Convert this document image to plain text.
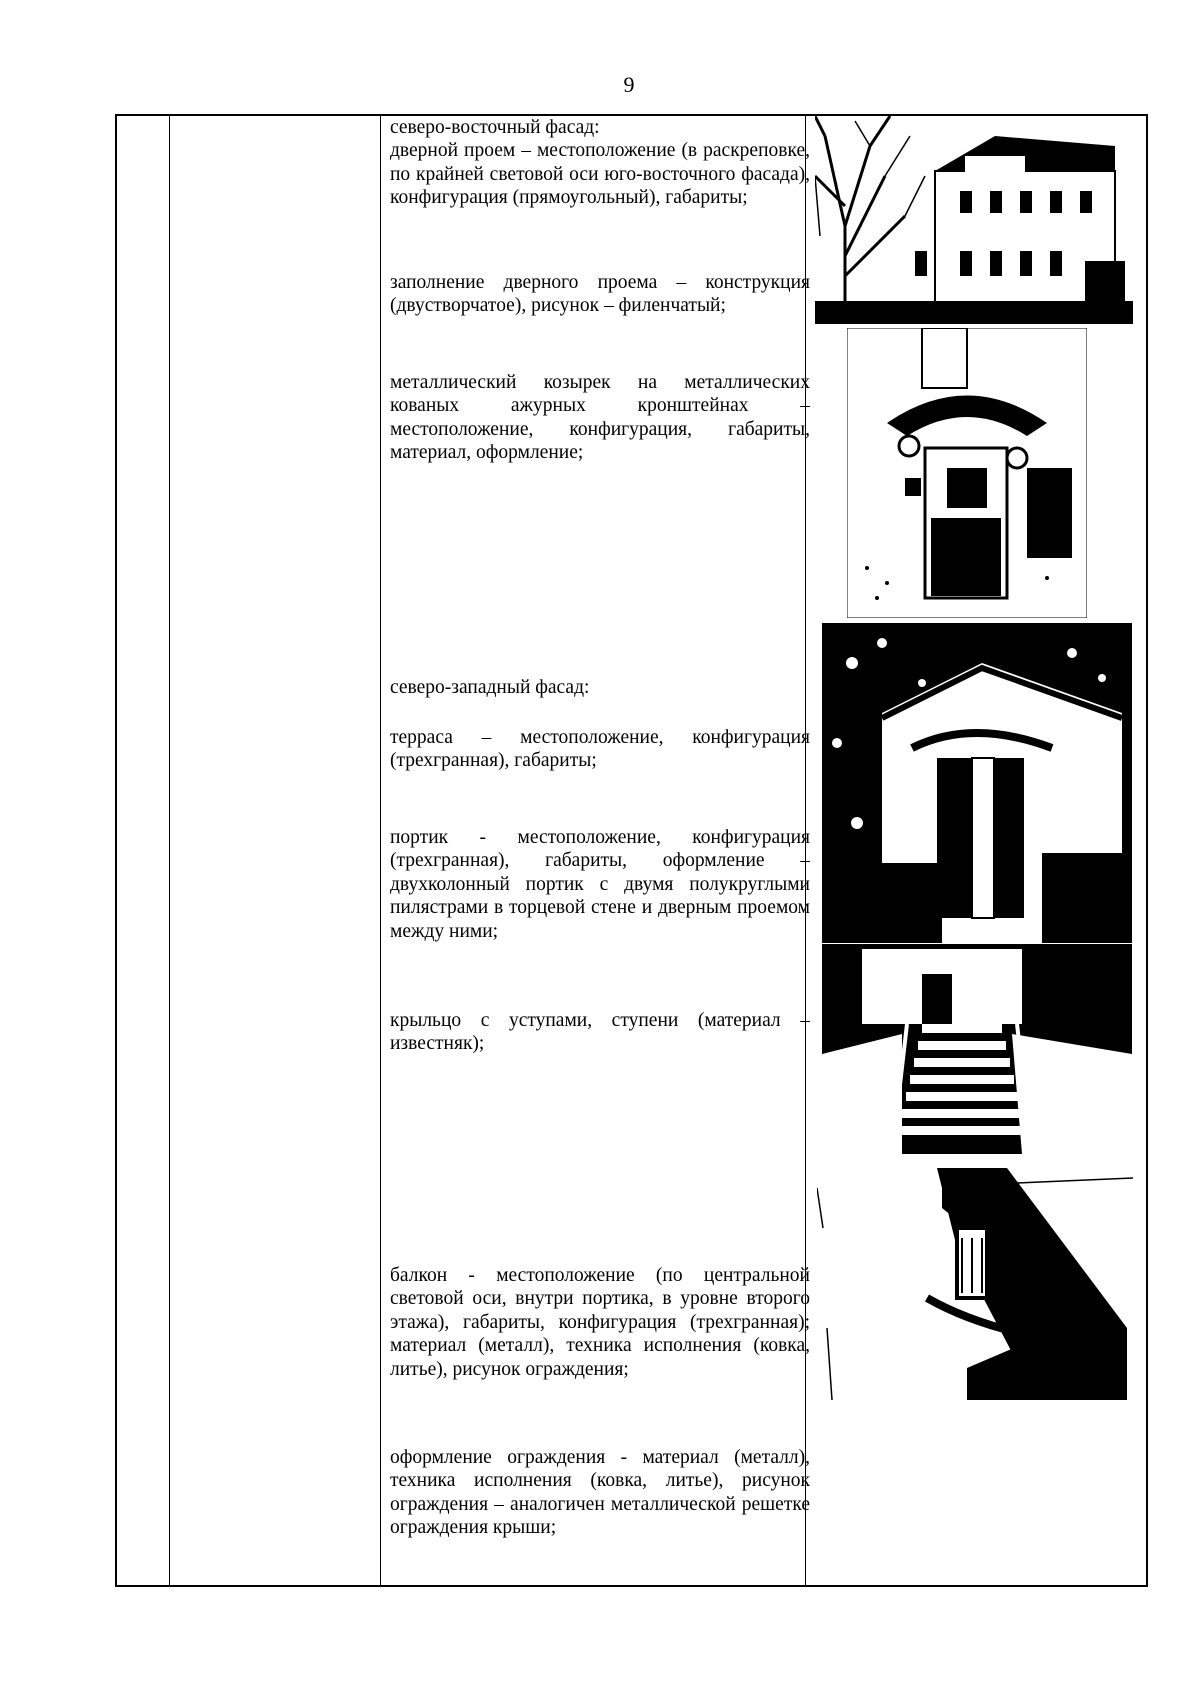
9

северо-восточный фасад:

дверной проем – местоположение (в раскреповке, по крайней световой оси юго-восточного фасада), конфигурация (прямоугольный), габариты;

заполнение дверного проема – конструкция (двустворчатое), рисунок – филенчатый;

металлический козырек на металлических кованых ажурных кронштейнах – местоположение, конфигурация, габариты, материал, оформление;

северо-западный фасад:

терраса – местоположение, конфигурация (трехгранная), габариты;

портик - местоположение, конфигурация (трехгранная), габариты, оформление – двухколонный портик с двумя полукруглыми пилястрами в торцевой стене и дверным проемом между ними;

крыльцо с уступами, ступени (материал – известняк);

балкон - местоположение (по центральной световой оси, внутри портика, в уровне второго этажа), габариты, конфигурация (трехгранная); материал (металл), техника исполнения (ковка, литье), рисунок ограждения;

оформление ограждения - материал (металл), техника исполнения (ковка, литье), рисунок ограждения – аналогичен металлической решетке ограждения крыши;
